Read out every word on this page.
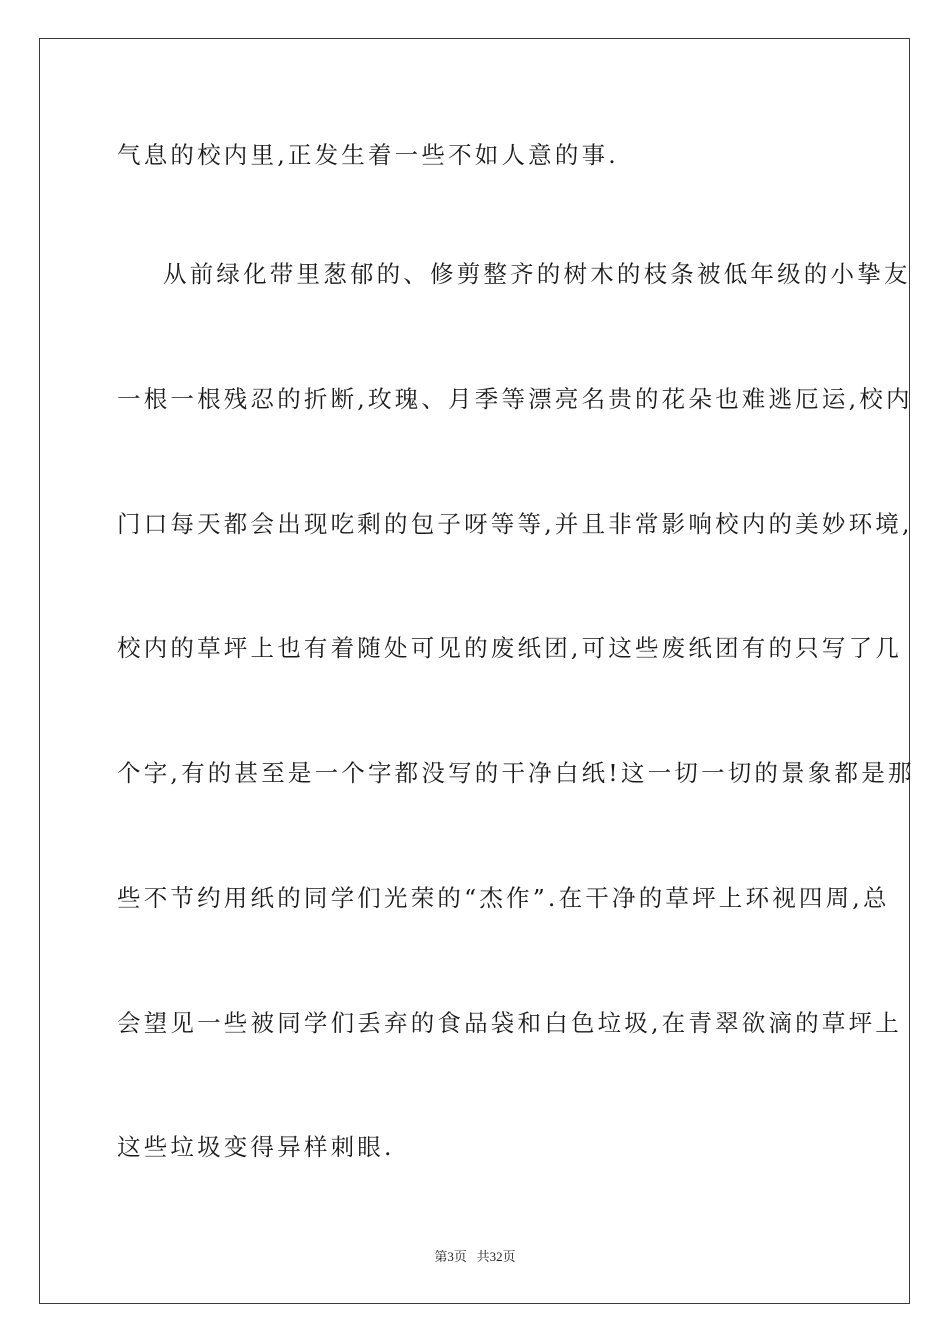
气息的校内里,正发生着一些不如人意的事.
从前绿化带里葱郁的、修剪整齐的树木的枝条被低年级的小挚友
一根一根残忍的折断,玫瑰、月季等漂亮名贵的花朵也难逃厄运,校内
门口每天都会出现吃剩的包子呀等等,并且非常影响校内的美妙环境,
校内的草坪上也有着随处可见的废纸团,可这些废纸团有的只写了几
个字,有的甚至是一个字都没写的干净白纸!这一切一切的景象都是那
些不节约用纸的同学们光荣的“杰作”.在干净的草坪上环视四周,总
会望见一些被同学们丢弃的食品袋和白色垃圾,在青翠欲滴的草坪上
这些垃圾变得异样刺眼.
第3页 共32页
